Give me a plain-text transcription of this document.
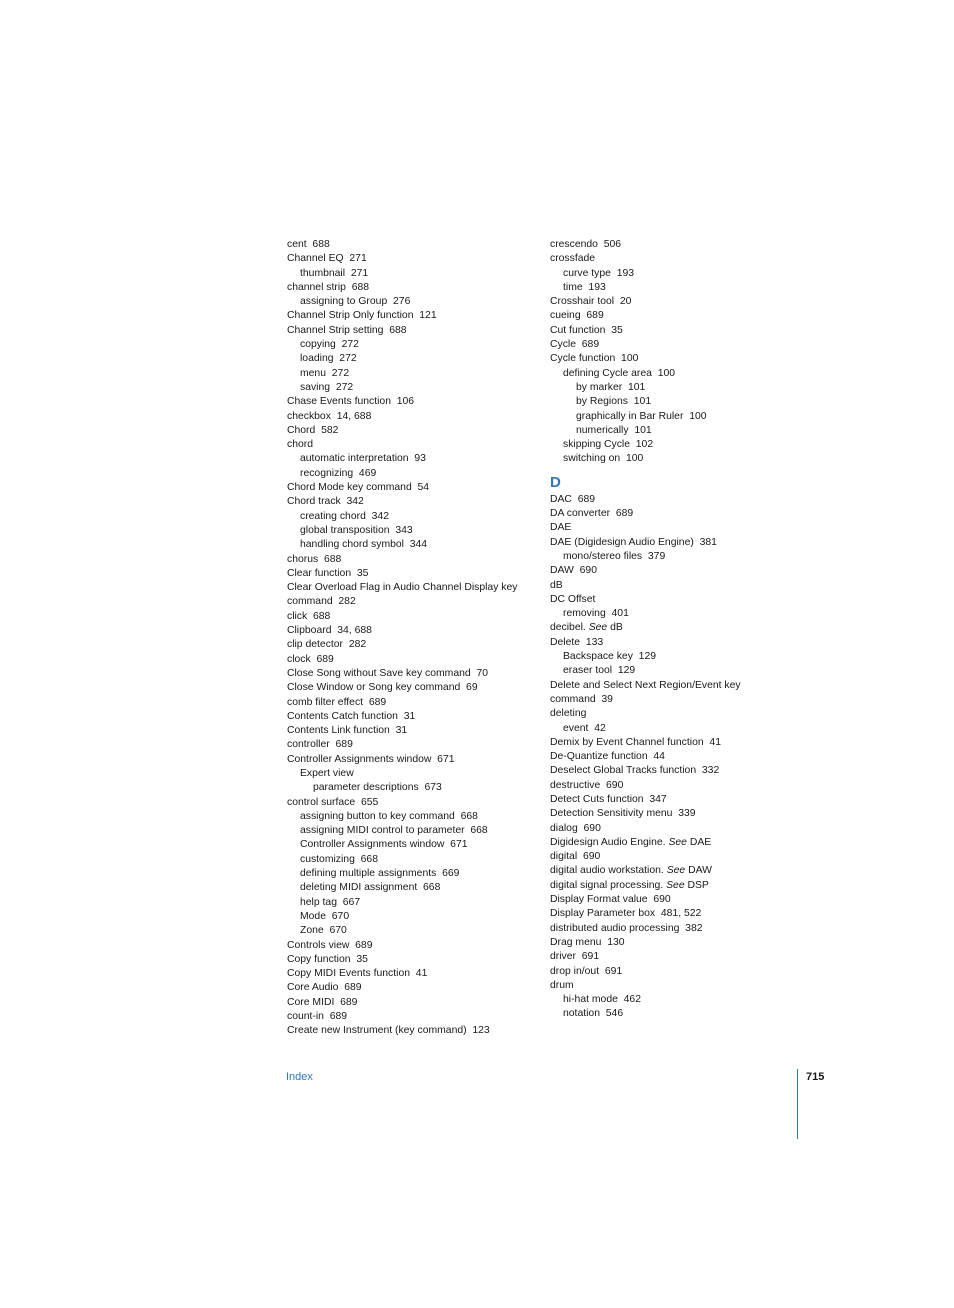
cent 688
Channel EQ 271
thumbnail 271
channel strip 688
assigning to Group 276
Channel Strip Only function 121
Channel Strip setting 688
copying 272
loading 272
menu 272
saving 272
Chase Events function 106
checkbox 14, 688
Chord 582
chord
automatic interpretation 93
recognizing 469
Chord Mode key command 54
Chord track 342
creating chord 342
global transposition 343
handling chord symbol 344
chorus 688
Clear function 35
Clear Overload Flag in Audio Channel Display key
command 282
click 688
Clipboard 34, 688
clip detector 282
clock 689
Close Song without Save key command 70
Close Window or Song key command 69
comb filter effect 689
Contents Catch function 31
Contents Link function 31
controller 689
Controller Assignments window 671
Expert view
parameter descriptions 673
control surface 655
assigning button to key command 668
assigning MIDI control to parameter 668
Controller Assignments window 671
customizing 668
defining multiple assignments 669
deleting MIDI assignment 668
help tag 667
Mode 670
Zone 670
Controls view 689
Copy function 35
Copy MIDI Events function 41
Core Audio 689
Core MIDI 689
count-in 689
Create new Instrument (key command) 123
crescendo 506
crossfade
curve type 193
time 193
Crosshair tool 20
cueing 689
Cut function 35
Cycle 689
Cycle function 100
defining Cycle area 100
by marker 101
by Regions 101
graphically in Bar Ruler 100
numerically 101
skipping Cycle 102
switching on 100
D
DAC 689
DA converter 689
DAE
DAE (Digidesign Audio Engine) 381
mono/stereo files 379
DAW 690
dB
DC Offset
removing 401
decibel. See dB
Delete 133
Backspace key 129
eraser tool 129
Delete and Select Next Region/Event key
command 39
deleting
event 42
Demix by Event Channel function 41
De-Quantize function 44
Deselect Global Tracks function 332
destructive 690
Detect Cuts function 347
Detection Sensitivity menu 339
dialog 690
Digidesign Audio Engine. See DAE
digital 690
digital audio workstation. See DAW
digital signal processing. See DSP
Display Format value 690
Display Parameter box 481, 522
distributed audio processing 382
Drag menu 130
driver 691
drop in/out 691
drum
hi-hat mode 462
notation 546
Index	715
